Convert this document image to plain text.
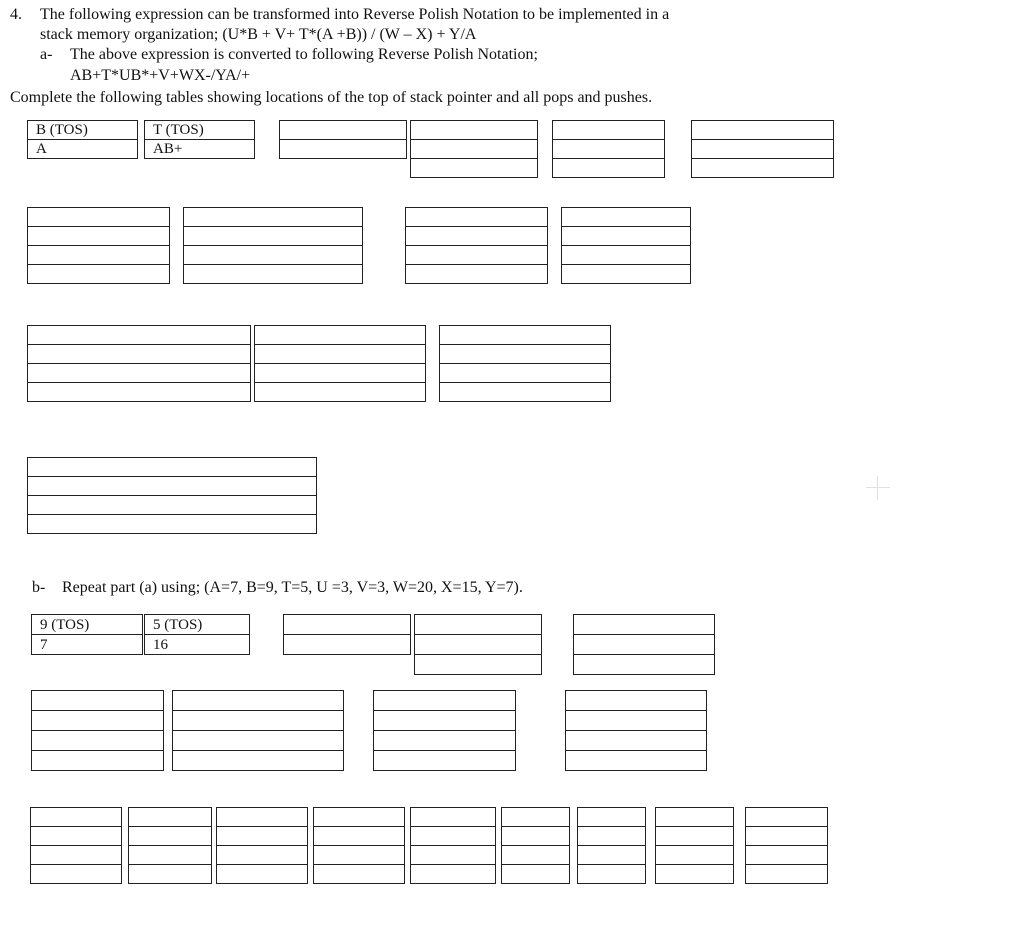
4. The following expression can be transformed into Reverse Polish Notation to be implemented in a
stack memory organization; (U*B + V+ T*(A +B)) / (W – X) + Y/A
a- The above expression is converted to following Reverse Polish Notation;
AB+T*UB*+V+WX-/YA/+
Complete the following tables showing locations of the top of stack pointer and all pops and pushes.
B (TOS)
A
T (TOS)
AB+

b- Repeat part (a) using; (A=7, B=9, T=5, U =3, V=3, W=20, X=15, Y=7).
9 (TOS)
7
5 (TOS)
16
